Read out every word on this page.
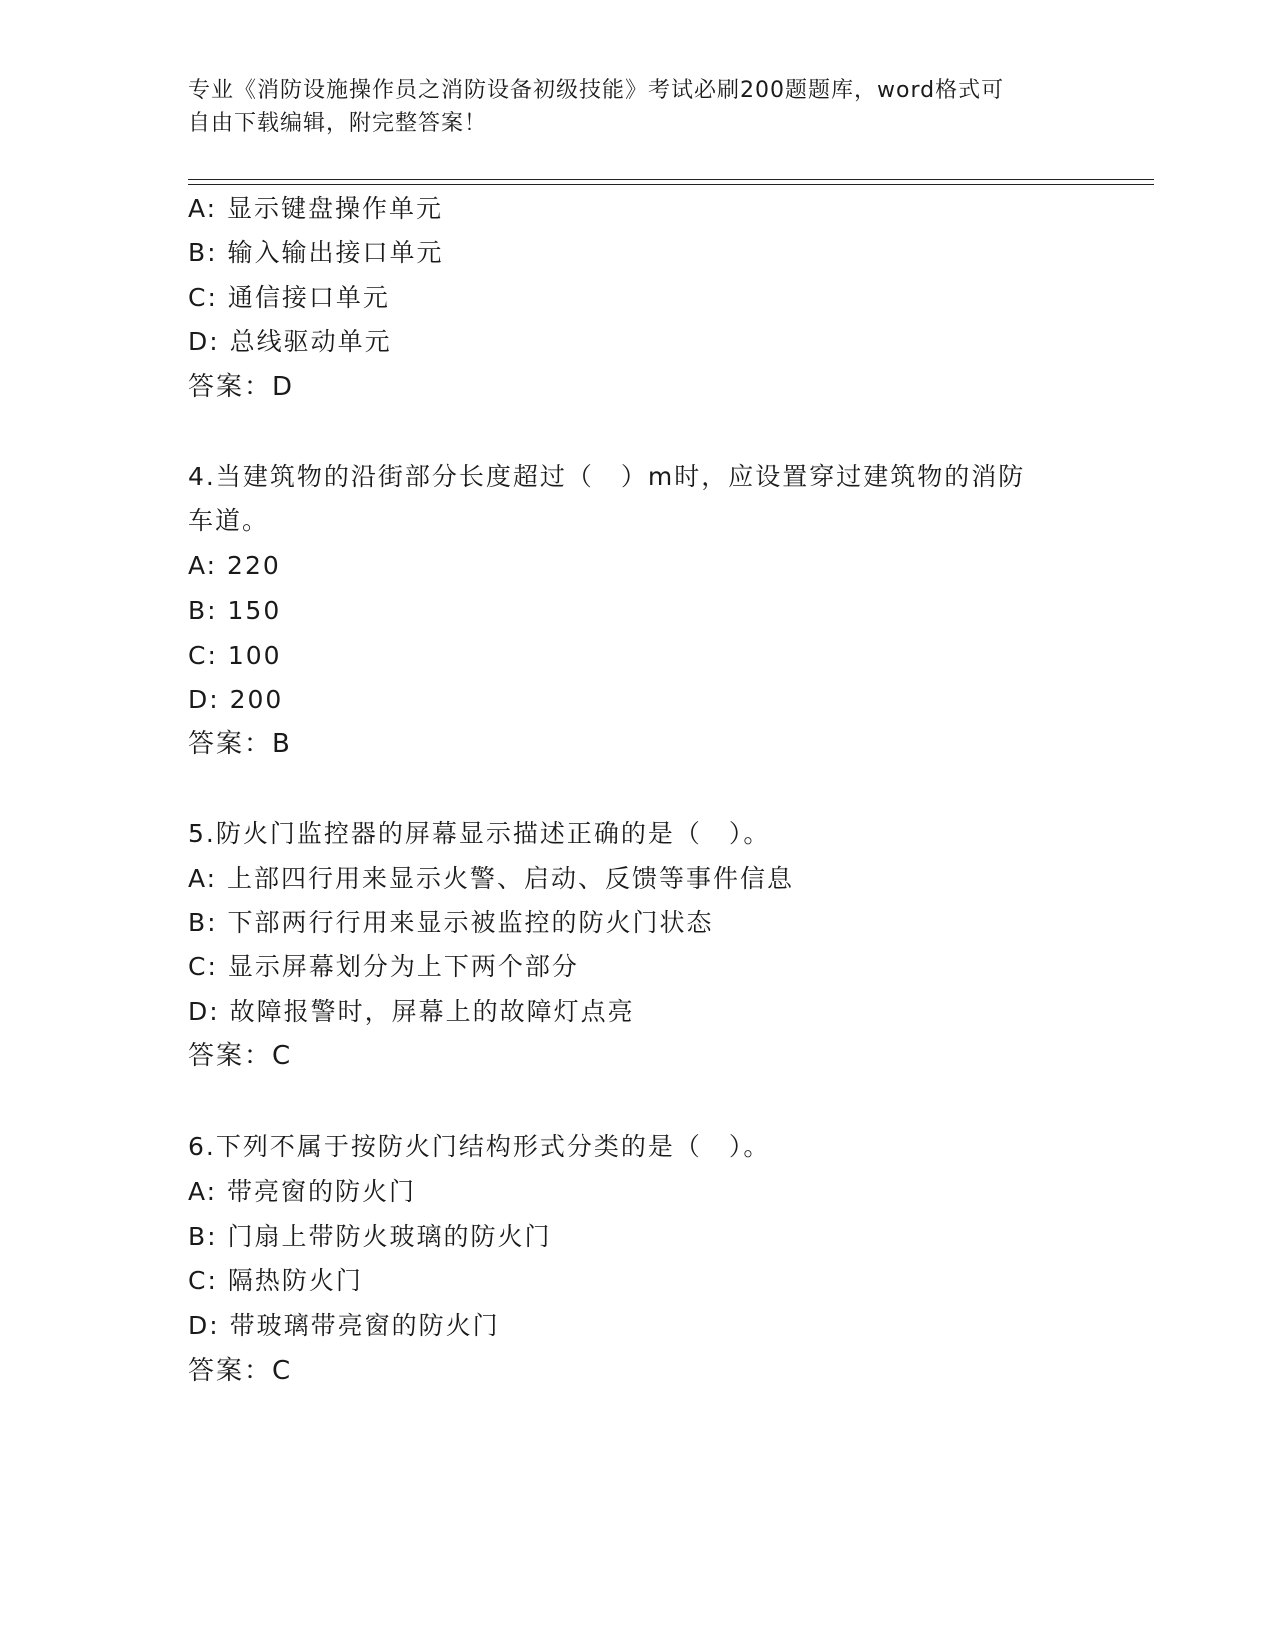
专业《消防设施操作员之消防设备初级技能》考试必刷200题题库，word格式可
自由下载编辑，附完整答案！
A: 显示键盘操作单元
B: 输入输出接口单元
C: 通信接口单元
D: 总线驱动单元
答案：D
4.当建筑物的沿街部分长度超过（　）m时，应设置穿过建筑物的消防
车道。
A: 220
B: 150
C: 100
D: 200
答案：B
5.防火门监控器的屏幕显示描述正确的是（　）。
A: 上部四行用来显示火警、启动、反馈等事件信息
B: 下部两行行用来显示被监控的防火门状态
C: 显示屏幕划分为上下两个部分
D: 故障报警时，屏幕上的故障灯点亮
答案：C
6.下列不属于按防火门结构形式分类的是（　）。
A: 带亮窗的防火门
B: 门扇上带防火玻璃的防火门
C: 隔热防火门
D: 带玻璃带亮窗的防火门
答案：C
